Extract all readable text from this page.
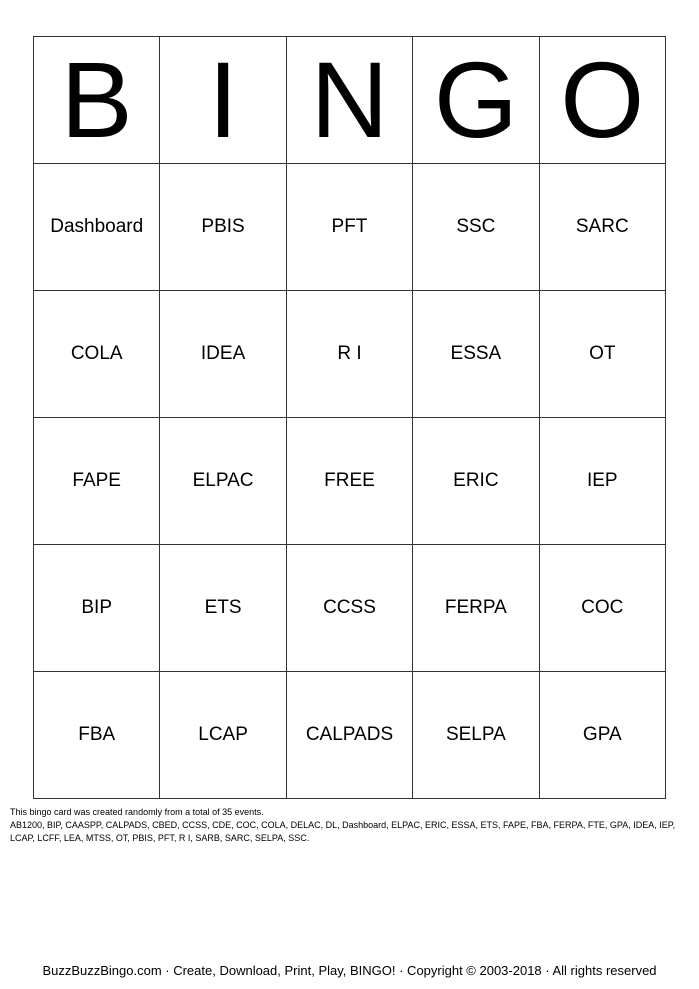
B	I	N	G	O
Dashboard	PBIS	PFT	SSC	SARC
COLA	IDEA	R I	ESSA	OT
FAPE	ELPAC	FREE	ERIC	IEP
BIP	ETS	CCSS	FERPA	COC
FBA	LCAP	CALPADS	SELPA	GPA
This bingo card was created randomly from a total of 35 events.
AB1200, BIP, CAASPP, CALPADS, CBED, CCSS, CDE, COC, COLA, DELAC, DL, Dashboard, ELPAC, ERIC, ESSA, ETS, FAPE, FBA, FERPA, FTE, GPA, IDEA, IEP, LCAP, LCFF, LEA, MTSS, OT, PBIS, PFT, R I, SARB, SARC, SELPA, SSC.
BuzzBuzzBingo.com · Create, Download, Print, Play, BINGO! · Copyright © 2003-2018 · All rights reserved
